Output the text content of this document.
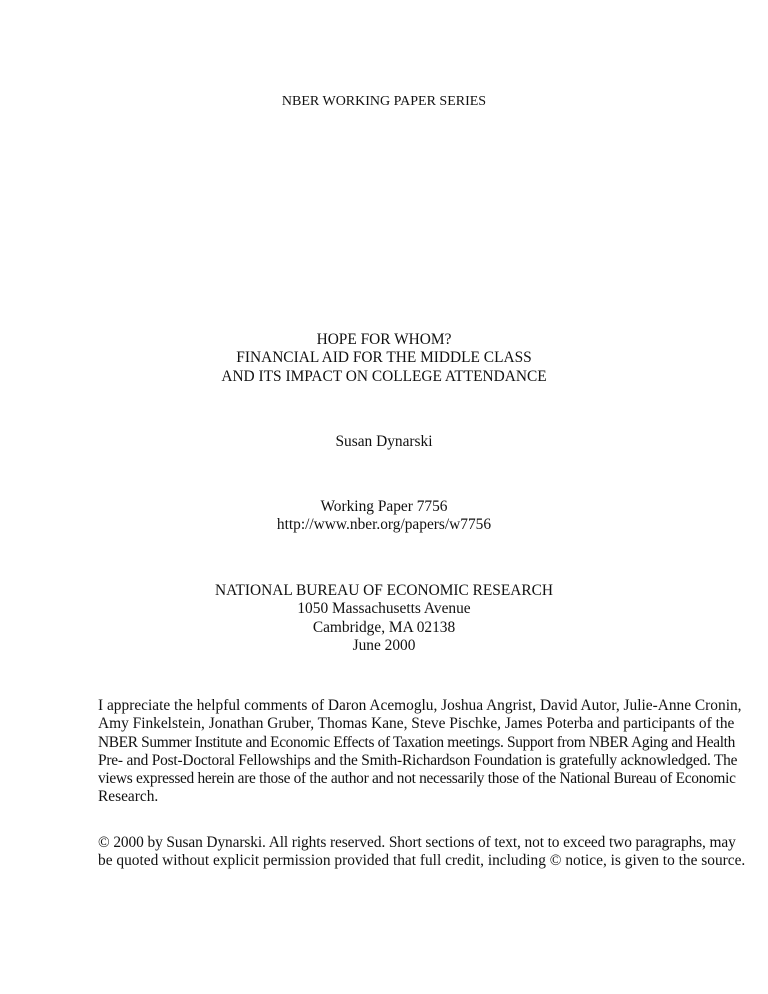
NBER WORKING PAPER SERIES
HOPE FOR WHOM?
FINANCIAL AID FOR THE MIDDLE CLASS
AND ITS IMPACT ON COLLEGE ATTENDANCE
Susan Dynarski
Working Paper 7756
http://www.nber.org/papers/w7756
NATIONAL BUREAU OF ECONOMIC RESEARCH
1050 Massachusetts Avenue
Cambridge, MA 02138
June 2000
I appreciate the helpful comments of Daron Acemoglu, Joshua Angrist, David Autor, Julie-Anne Cronin,
Amy Finkelstein, Jonathan Gruber, Thomas Kane, Steve Pischke, James Poterba and participants of the
NBER Summer Institute and Economic Effects of Taxation meetings. Support from NBER Aging and Health
Pre- and Post-Doctoral Fellowships and the Smith-Richardson Foundation is gratefully acknowledged. The
views expressed herein are those of the author and not necessarily those of the National Bureau of Economic
Research.
© 2000 by Susan Dynarski. All rights reserved. Short sections of text, not to exceed two paragraphs, may
be quoted without explicit permission provided that full credit, including © notice, is given to the source.
